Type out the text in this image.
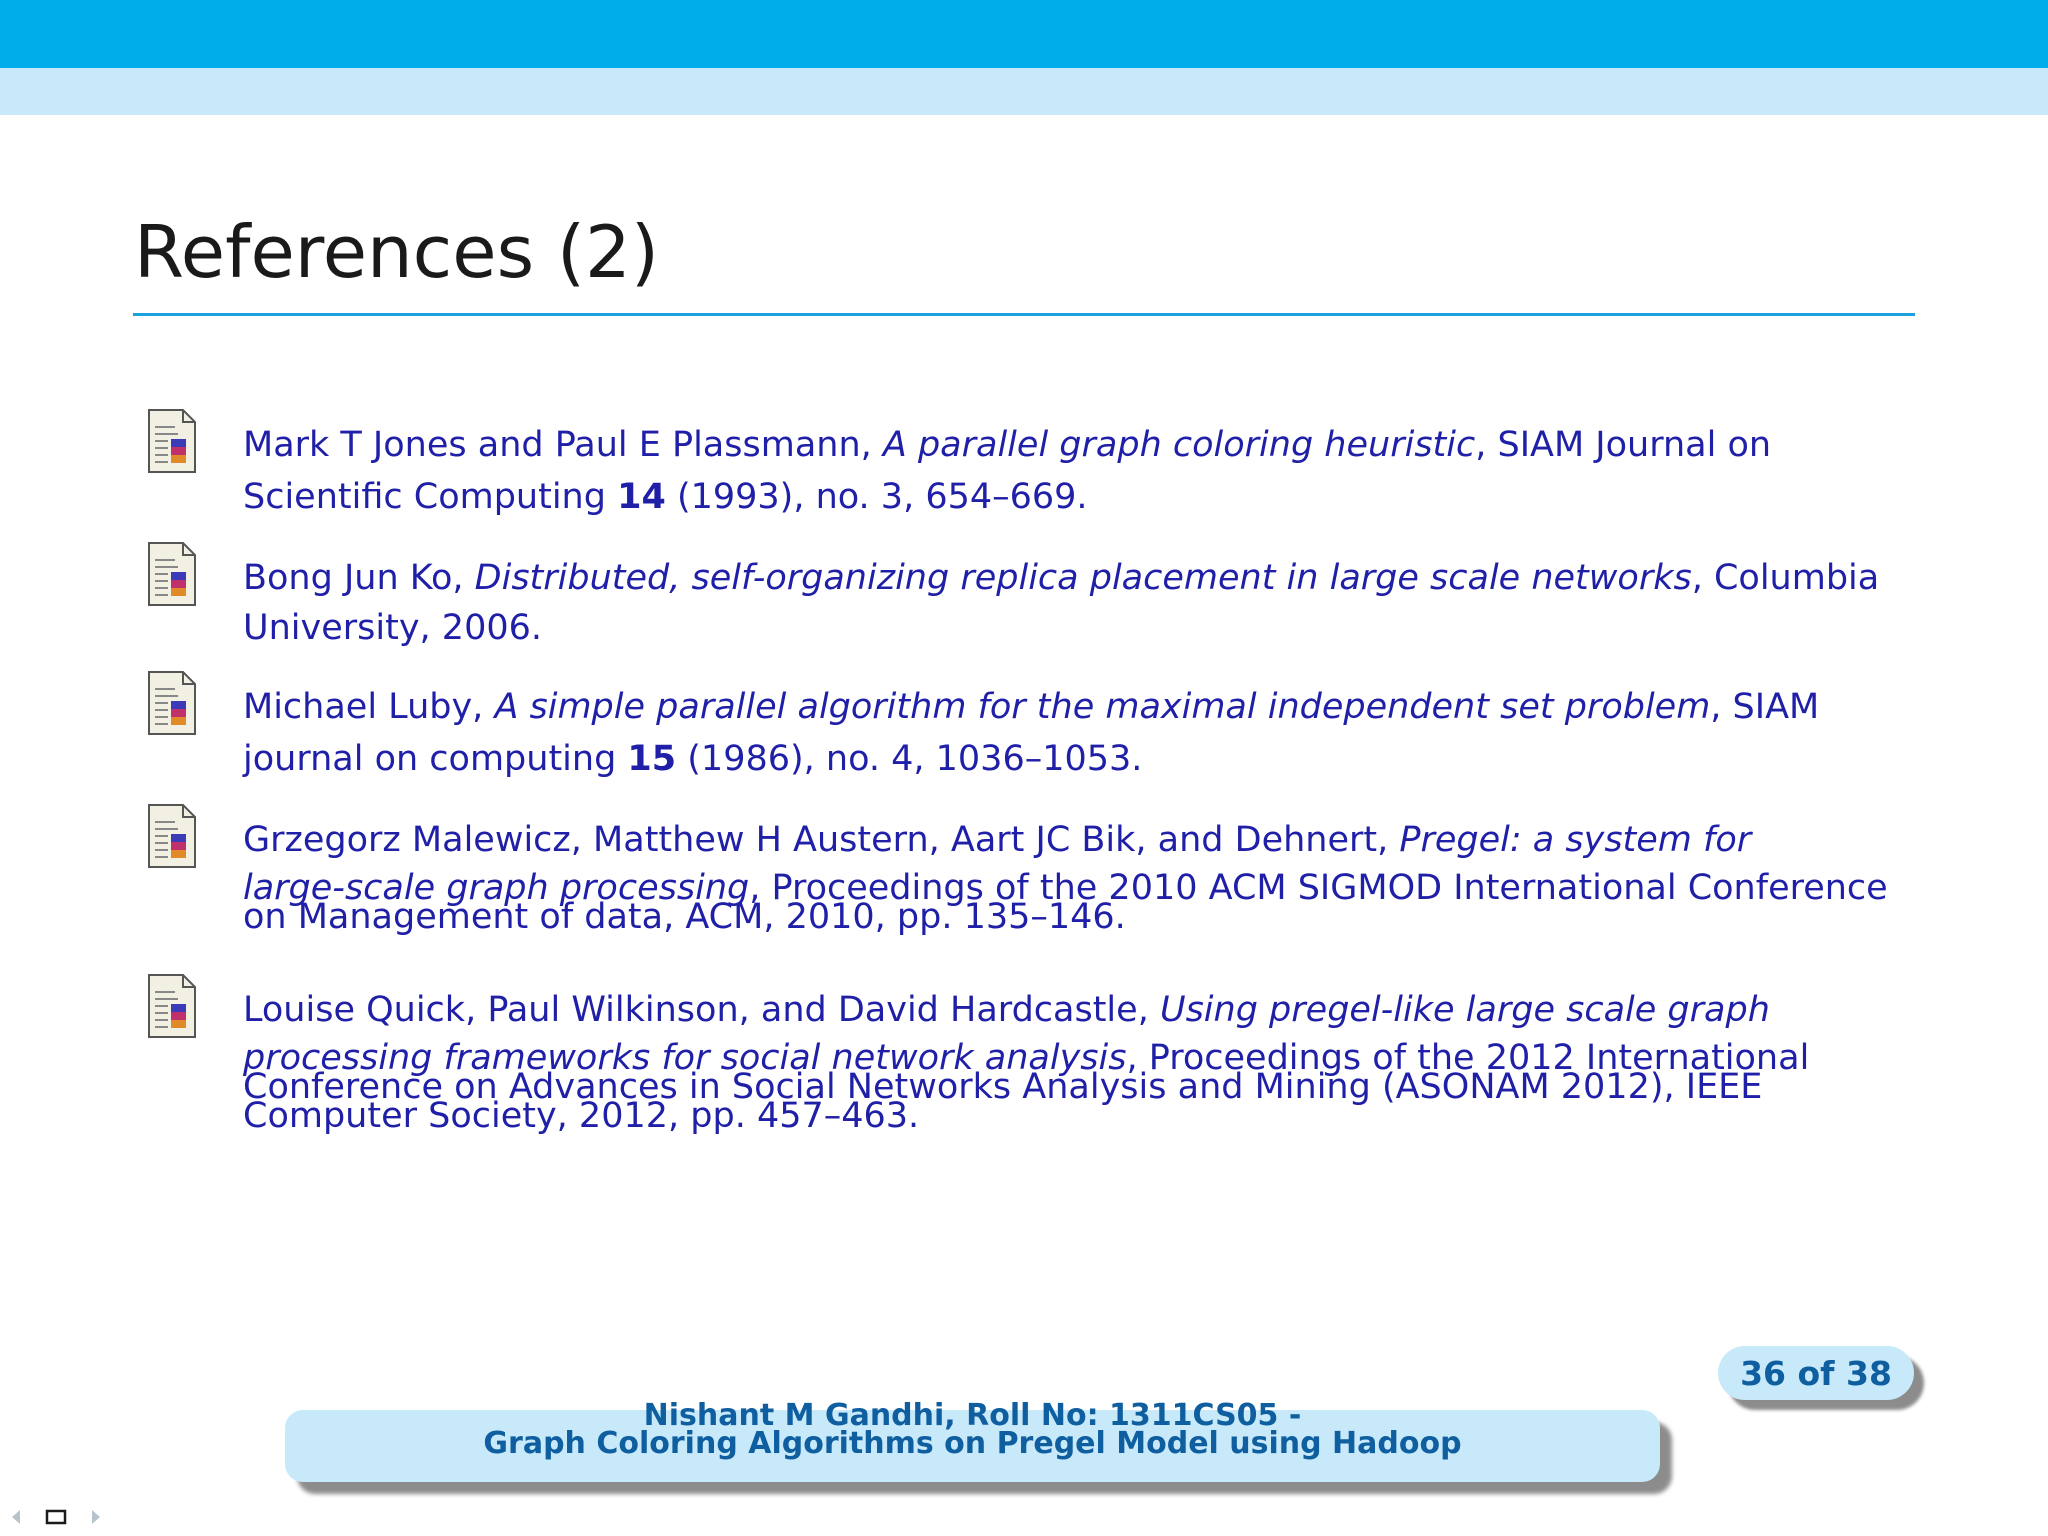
References (2)
Mark T Jones and Paul E Plassmann, A parallel graph coloring heuristic, SIAM Journal on
Scientific Computing 14 (1993), no. 3, 654–669.
Bong Jun Ko, Distributed, self-organizing replica placement in large scale networks, Columbia
University, 2006.
Michael Luby, A simple parallel algorithm for the maximal independent set problem, SIAM
journal on computing 15 (1986), no. 4, 1036–1053.
Grzegorz Malewicz, Matthew H Austern, Aart JC Bik, and Dehnert, Pregel: a system for
large-scale graph processing, Proceedings of the 2010 ACM SIGMOD International Conference
on Management of data, ACM, 2010, pp. 135–146.
Louise Quick, Paul Wilkinson, and David Hardcastle, Using pregel-like large scale graph
processing frameworks for social network analysis, Proceedings of the 2012 International
Conference on Advances in Social Networks Analysis and Mining (ASONAM 2012), IEEE
Computer Society, 2012, pp. 457–463.
36 of 38
Nishant M Gandhi, Roll No: 1311CS05 -
Graph Coloring Algorithms on Pregel Model using Hadoop
